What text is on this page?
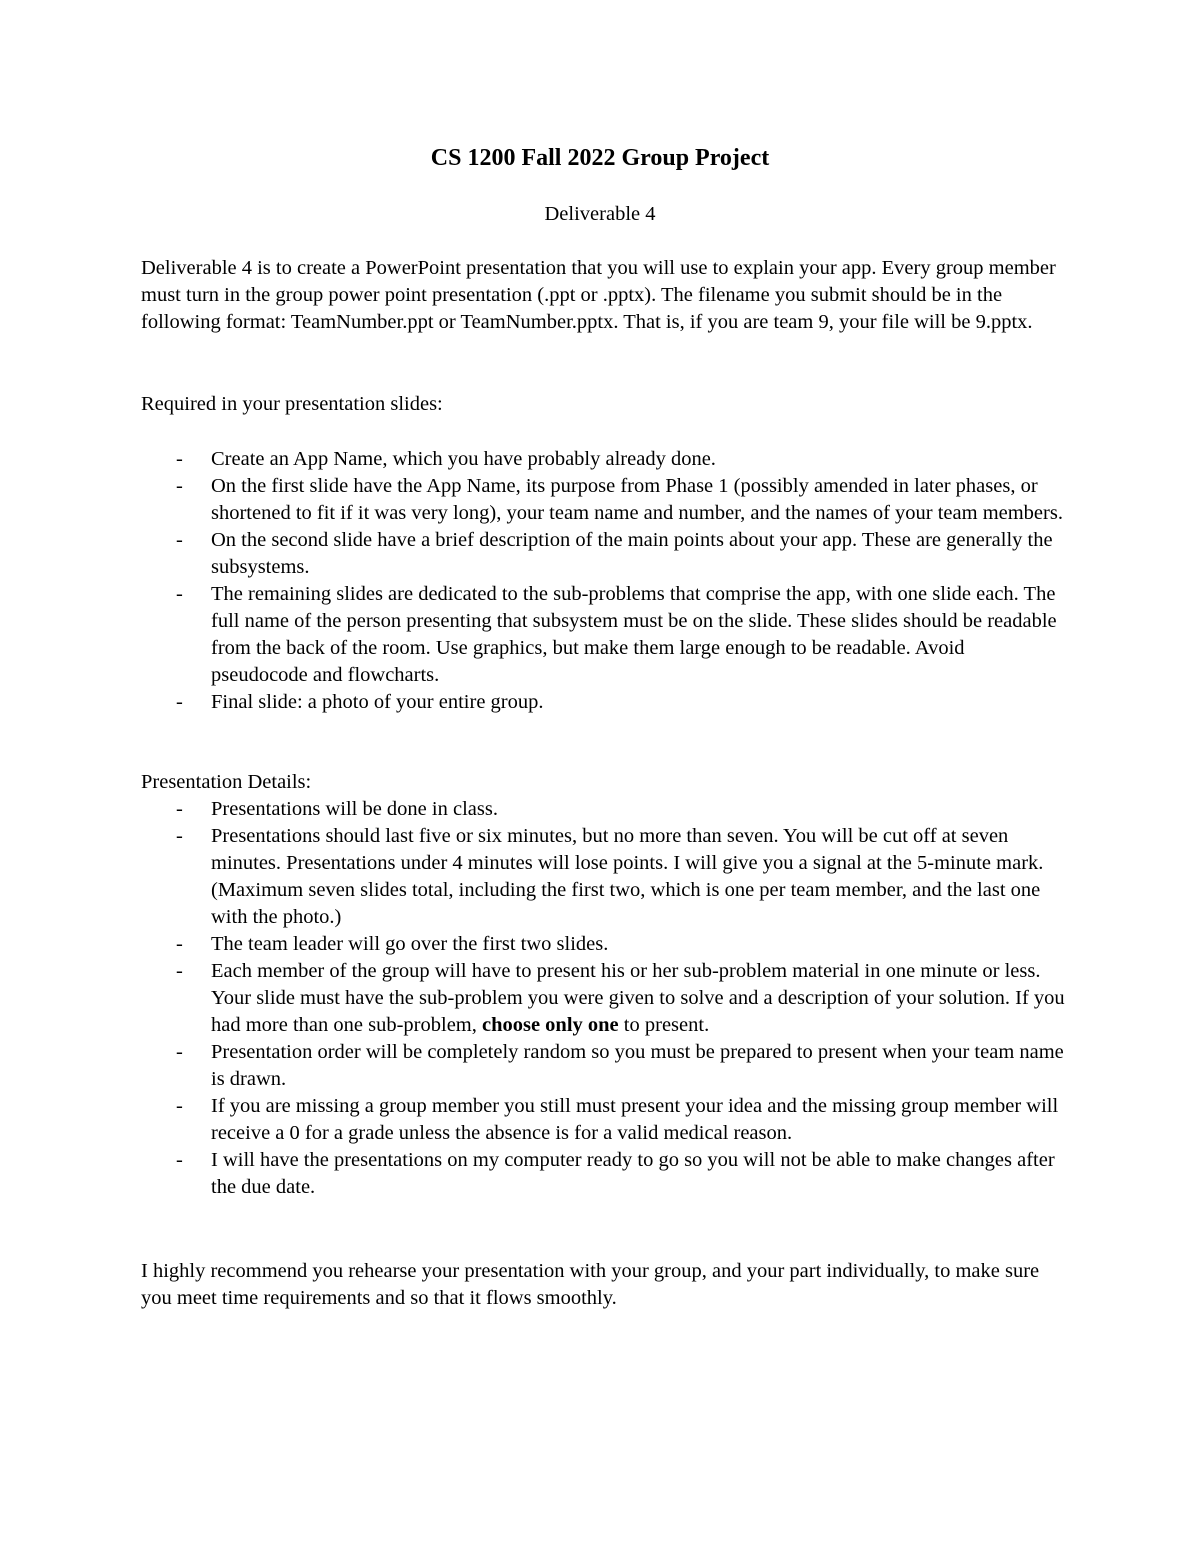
CS 1200 Fall 2022 Group Project
Deliverable 4

Deliverable 4 is to create a PowerPoint presentation that you will use to explain your app. Every group member must turn in the group power point presentation (.ppt or .pptx). The filename you submit should be in the following format: TeamNumber.ppt or TeamNumber.pptx. That is, if you are team 9, your file will be 9.pptx.

Required in your presentation slides:

- Create an App Name, which you have probably already done.
- On the first slide have the App Name, its purpose from Phase 1 (possibly amended in later phases, or shortened to fit if it was very long), your team name and number, and the names of your team members.
- On the second slide have a brief description of the main points about your app. These are generally the subsystems.
- The remaining slides are dedicated to the sub-problems that comprise the app, with one slide each. The full name of the person presenting that subsystem must be on the slide. These slides should be readable from the back of the room. Use graphics, but make them large enough to be readable. Avoid pseudocode and flowcharts.
- Final slide: a photo of your entire group.

Presentation Details:

- Presentations will be done in class.
- Presentations should last five or six minutes, but no more than seven. You will be cut off at seven minutes. Presentations under 4 minutes will lose points. I will give you a signal at the 5-minute mark. (Maximum seven slides total, including the first two, which is one per team member, and the last one with the photo.)
- The team leader will go over the first two slides.
- Each member of the group will have to present his or her sub-problem material in one minute or less. Your slide must have the sub-problem you were given to solve and a description of your solution. If you had more than one sub-problem, choose only one to present.
- Presentation order will be completely random so you must be prepared to present when your team name is drawn.
- If you are missing a group member you still must present your idea and the missing group member will receive a 0 for a grade unless the absence is for a valid medical reason.
- I will have the presentations on my computer ready to go so you will not be able to make changes after the due date.

I highly recommend you rehearse your presentation with your group, and your part individually, to make sure you meet time requirements and so that it flows smoothly.
